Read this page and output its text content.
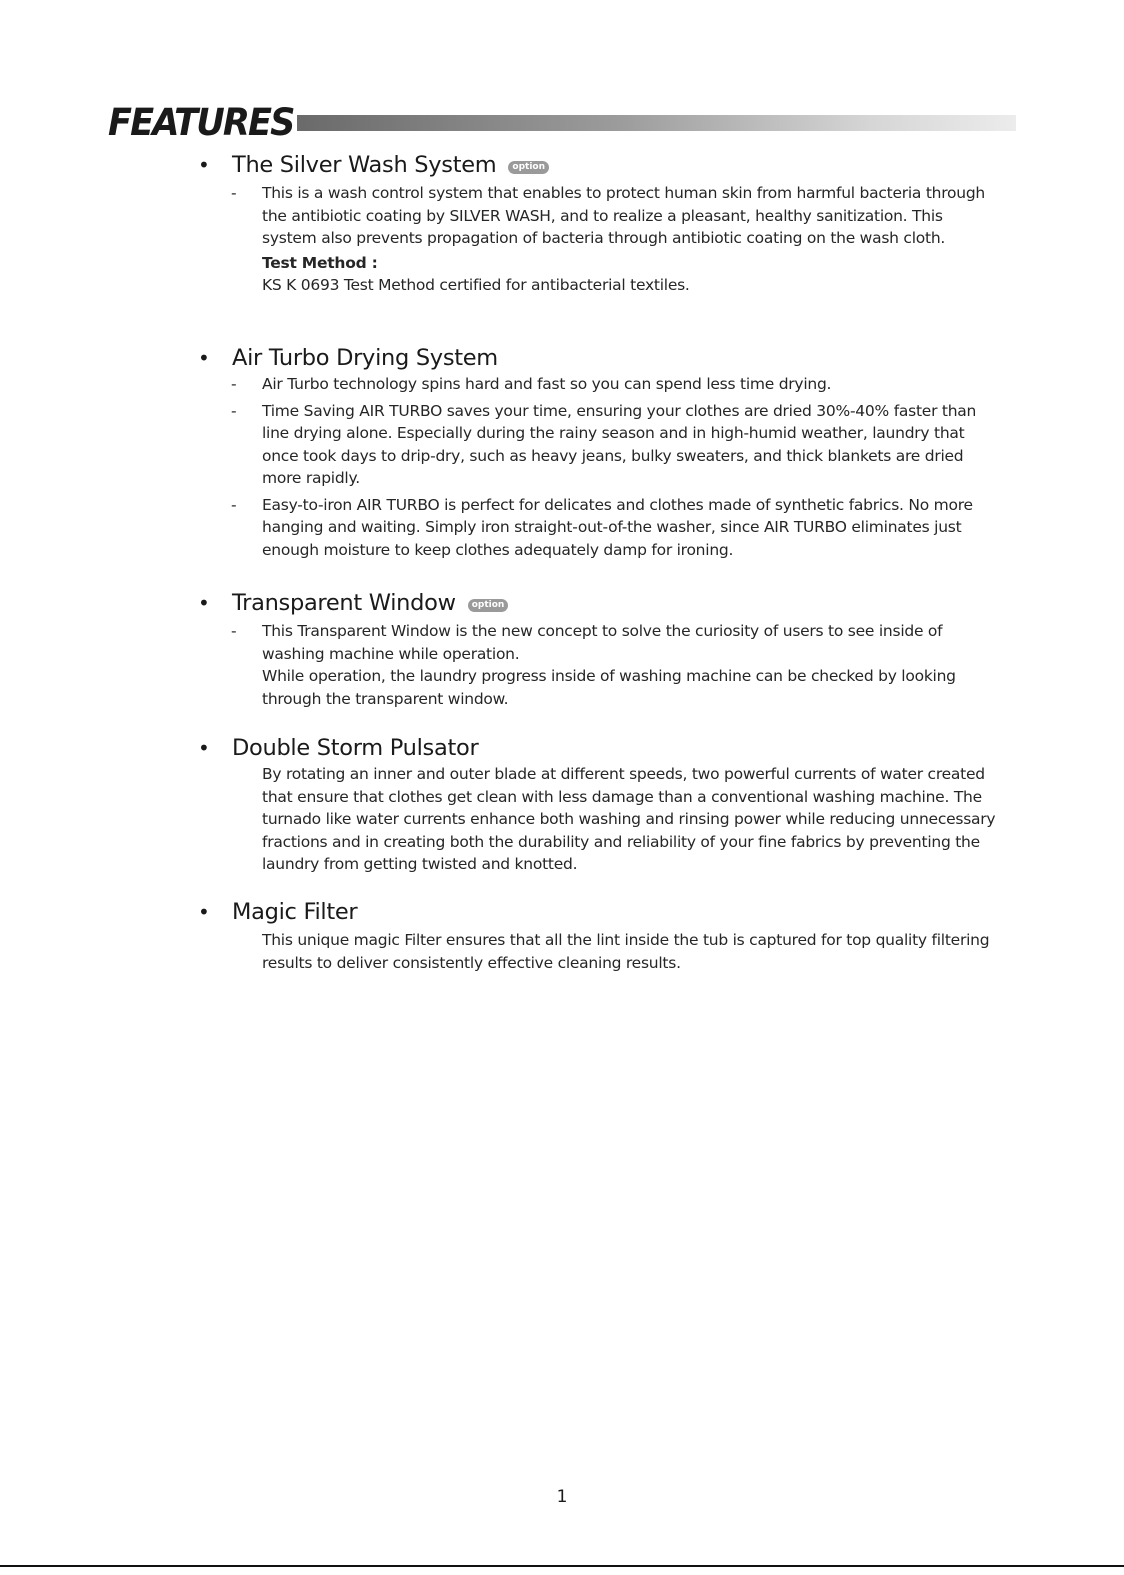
FEATURES
• The Silver Wash System option
- This is a wash control system that enables to protect human skin from harmful bacteria through the antibiotic coating by SILVER WASH, and to realize a pleasant, healthy sanitization. This system also prevents propagation of bacteria through antibiotic coating on the wash cloth.
Test Method :
KS K 0693 Test Method certified for antibacterial textiles.
• Air Turbo Drying System
- Air Turbo technology spins hard and fast so you can spend less time drying.
- Time Saving AIR TURBO saves your time, ensuring your clothes are dried 30%-40% faster than line drying alone. Especially during the rainy season and in high-humid weather, laundry that once took days to drip-dry, such as heavy jeans, bulky sweaters, and thick blankets are dried more rapidly.
- Easy-to-iron AIR TURBO is perfect for delicates and clothes made of synthetic fabrics. No more hanging and waiting. Simply iron straight-out-of-the washer, since AIR TURBO eliminates just enough moisture to keep clothes adequately damp for ironing.
• Transparent Window option
- This Transparent Window is the new concept to solve the curiosity of users to see inside of washing machine while operation.
While operation, the laundry progress inside of washing machine can be checked by looking through the transparent window.
• Double Storm Pulsator
By rotating an inner and outer blade at different speeds, two powerful currents of water created that ensure that clothes get clean with less damage than a conventional washing machine. The turnado like water currents enhance both washing and rinsing power while reducing unnecessary fractions and in creating both the durability and reliability of your fine fabrics by preventing the laundry from getting twisted and knotted.
• Magic Filter
This unique magic Filter ensures that all the lint inside the tub is captured for top quality filtering results to deliver consistently effective cleaning results.
1
